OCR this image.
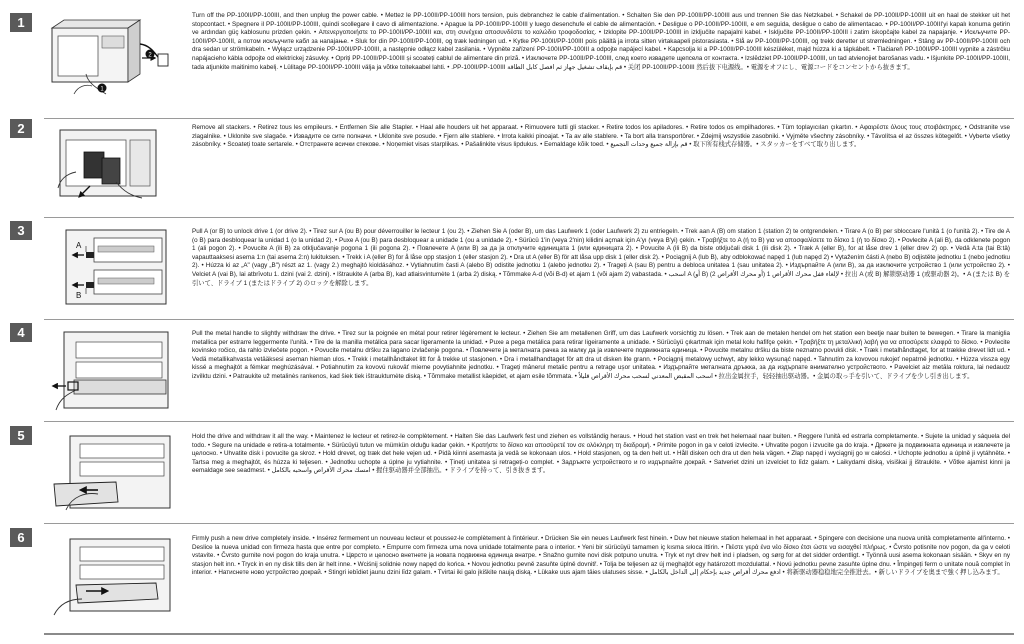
1
2
1
Turn off the PP-100II/PP-100III, and then unplug the power cable. • Mettez le PP-100II/PP-100III hors tension, puis debranchez le cable d'alimentation. • Schalten Sie den PP-100II/PP-100III aus und trennen Sie das Netzkabel. • Schakel de PP-100II/PP-100III uit en haal de stekker uit het stopcontact. • Spegnere il PP-100II/PP-100III, quindi scollegare il cavo di alimentazione. • Apague la PP-100II/PP-100III y luego desenchufe el cable de alimentación. • Desligue o PP-100II/PP-100III, e em seguida, desligue o cabo de alimentacao. • PP-100II/PP-100III'yi kapalı konuma getirin ve ardından güç kablosunu prizden çekin. • Απενεργοποιήστε το PP-100II/PP-100III και, στη συνέχεια αποσυνδέστε το καλώδιο τροφοδοσίας. • Izklopite PP-100II/PP-100III in izključite napajalni kabel. • Isključite PP-100II/PP-100III i zatim iskopčajte kabel za napajanje. • Искључите PP-100II/PP-100III, а потом искључите кабл за напајање. • Sluk for din PP-100II/PP-100III, og træk ledningen ud. • Kytke PP-100II/PP-100III pois päältä ja irrota sitten virtakaapeli pistorasiasta. • Slå av PP-100II/PP-100III, og trekk deretter ut strømledningen. • Stäng av PP-100II/PP-100III och dra sedan ur strömkabeln. • Wyłącz urządzenie PP-100II/PP-100III, a następnie odłącz kabel zasilania. • Vypněte zařízení PP-100II/PP-100III a odpojte napájecí kabel. • Kapcsolja ki a PP-100II/PP-100III készüléket, majd húzza ki a tápkábelt. • Tlačiareň PP-100II/PP-100III vypnite a zástrčku napájacieho kábla odpojte od elektrickej zásuvky. • Opriți PP-100II/PP-100III și scoateți cablul de alimentare din priză. • Изключете PP-100II/PP-100III, след което извадете щепсела от контакта. • Izslēdziet PP-100II/PP-100III, un tad atvienojiet barošanas vadu. • Išjunkite PP-100II/PP-100III, tada atjunkite maitinimo kabelį. • Lülitage PP-100II/PP-100III välja ja võtke toitekaabel lahti. • .PP-100II/PP-100III قم بإيقاف تشغيل جهاز ثم افصل كابل الطاقة • 关闭 PP-100II/PP-100III 然后拔下电源线。• 電源をオフにし、電源コードをコンセントから抜きます。
2	Remove all stackers. • Retirez tous les empileurs. • Entfernen Sie alle Stapler. • Haal alle houders uit het apparaat. • Rimuovere tutti gli stacker. • Retire todos los apiladores. • Retire todos os empilhadores. • Tüm toplayıcıları çıkartın. • Αφαιρέστε όλους τους στοιβάκτηρες. • Odstranite vse zlagalnike. • Uklonite sve slagače. • Извадите сe сите полначи. • Uklonite sve posude. • Fjern alle stablere. • Irrota kaikki pinoajat. • Ta av alle stablere. • Ta bort alla transportörer. • Zdejmij wszystkie zasobniki. • Vyjměte všechny zásobníky. • Távolítsa el az összes kötegelőt. • Vyberte všetky zásobníky. • Scoateți toate sertarele. • Отстранете всички стекове. • Noņemiet visas starplikas. • Pašalinkite visus lipdukus. • Eemaldage kõik toed. • قم بإزالة جميع وحدات التجميع • 取下所有栈式存储器。• スタッカーをすべて取り出します。
3
A
B
Pull A (or B) to unlock drive 1 (or drive 2). • Tirez sur A (ou B) pour déverrouiller le lecteur 1 (ou 2). • Ziehen Sie A (oder B), um das Laufwerk 1 (oder Laufwerk 2) zu entriegeln. • Trek aan A (B) om station 1 (station 2) te ontgrendelen. • Tirare A (o B) per sbloccare l'unità 1 (o l'unità 2). • Tire de A (o B) para desbloquear la unidad 1 (o la unidad 2). • Puxe A (ou B) para desbloquear a unidade 1 (ou a unidade 2). • Sürücü 1'in (veya 2'nin) kilidini açmak için A'yı (veya B'yi) çekin. • Τραβήξτε το A (ή το B) για να αποσφαλίσετε το δίσκο 1 (ή το δίσκο 2). • Povlecite A (ali B), da odklenete pogon 1 (ali pogon 2). • Povucite A (ili B) za otključavanje pogona 1 (ili pogona 2). • Повлечете A (или B) за да ја отклучите единицата 1 (или единицата 2). • Povucite A (ili B) da biste otključali disk 1 (ili disk 2). • Træk A (eller B), for at låse drev 1 (eller drev 2) op. • Vedä A:ta (tai B:tä) vapauttaaksesi asema 1:n (tai asema 2:n) lukituksen. • Trekk i A (eller B) for å låse opp stasjon 1 (eller stasjon 2). • Dra ut A (eller B) för att låsa upp disk 1 (eller disk 2). • Pociągnij A (lub B), aby odblokować napęd 1 (lub napęd 2) • Vytažením části A (nebo B) odjistěte jednotku 1 (nebo jednotku 2). • Húzza ki az „A" (vagy „B") részt az 1. (vagy 2.) meghajtó kioldásához. • Vytiahnutím časti A (alebo B) odistite jednotku 1 (alebo jednotku 2). • Trageți A (sau B) pentru a debloca unitatea 1 (sau unitatea 2). • Издърпайте A (или B), за да изключите устройство 1 (или устройство 2). • Velciet A (vai B), lai atbrīvotu 1. dzini (vai 2. dzini). • Ištraukite A (arba B), kad atlaisvintumėte 1 (arba 2) diską. • Tõmmake A-d (või B-d) et ajam 1 (või ajam 2) vabastada. • اسحب A (أو B) لإلغاء قفل محرك الأقراص 1 (أو محرك الأقراص 2) • 拉出 A (或 B) 解锁驱动器 1 (或驱动器 2)。• A (または B) を引いて、ドライブ 1 (またはドライブ 2) のロックを解除します。
4	Pull the metal handle to slightly withdraw the drive. • Tirez sur la poignée en métal pour retirer légèrement le lecteur. • Ziehen Sie am metallenen Griff, um das Laufwerk vorsichtig zu lösen. • Trek aan de metalen hendel om het station een beetje naar buiten te bewegen. • Tirare la maniglia metallica per estrarre leggermente l'unità. • Tire de la manilla metálica para sacar ligeramente la unidad. • Puxe a pega metálica para retirar ligeiramente a unidade. • Sürücüyü çıkartmak için metal kolu hafifçe çekin. • Τραβήξτε τη μεταλλική λαβή για να αποσύρετε ελαφρά το δίσκο. • Povlecite kovinsko ročico, da rahlo izvlečete pogon. • Povucite metalnu dršku za lagano izvlačenje pogona. • Повлечете ја металната рачка за малку да ја извлечете подвижната единица. • Povucite metalnu dršku da biste neznatno povukli disk. • Træk i metalhåndtaget, for at trække drevet lidt ud. • Vedä metallikahvasta vetääksesi aseman hieman ulos. • Trekk i metallhåndtaket litt for å trekke ut stasjonen. • Dra i metallhandtaget för att dra ut disken lite grann. • Pociągnij metalowy uchwyt, aby lekko wysunąć napęd. • Tahnutím za kovovou rukojeť nepatrně jednotku. • Húzza vissza egy kissé a meghajtót a fémkar meghúzásával. • Potiahnutím za kovovú rukoväť mierne povytiahnite jednotku. • Trageți mânerul metalic pentru a retrage ușor unitatea. • Издърпайте металната дръжка, за да издърпате внимателно устройството. • Pavelciet aiz metāla roktura, lai nedaudz izvilktu dzini. • Patraukite už metalinės rankenos, kad šiek tiek ištrauktumėte diską. • Tõmmake metallist käepidet, et ajam esile tõmmata. • اسحب المقبض المعدني لسحب محرك الأقراص قليلاً • 拉出金属拉手，轻轻抽出驱动器。• 金属の取っ手を引いて、ドライブを少し引き出します。
5	Hold the drive and withdraw it all the way. • Maintenez le lecteur et retirez-le complètement. • Halten Sie das Laufwerk fest und ziehen es vollständig heraus. • Houd het station vast en trek het helemaal naar buiten. • Reggere l'unità ed estrarla completamente. • Sujete la unidad y sáquela del todo. • Segure na unidade e retira-a totalmente. • Sürücüyü tutun ve mümkün olduğu kadar çekin. • Κρατήστε το δίσκο και αποσύρετέ τον σε ολόκληρη τη διαδρομή. • Primite pogon in ga v celoti izvlecite. • Uhvatite pogon i izvucite ga do kraja. • Држете ја подвижната единица и извлечете ја целосно. • Uhvatite disk i povucite ga skroz. • Hold drevet, og træk det hele vejen ud. • Pidä kiinni asemasta ja vedä se kokonaan ulos. • Hold stasjonen, og ta den helt ut. • Håll disken och dra ut den hela vägen. • Złap napęd i wyciągnij go w całości. • Uchopte jednotku a úplně ji vytáhněte. • Tartsa meg a meghajtót, és húzza ki teljesen. • Jednotku uchopte a úplne ju vytiahnite. • Țineți unitatea și retrageți-o complet. • Задръжте устройството и го издърпайте докрай. • Satveriet dzini un izvelciet to līdz galam. • Laikydami diską, visiškai jį ištraukite. • Võtke ajamist kinni ja eemaldage see seadmest. • امسك محرك الأقراص واسحبه بالكامل • 握住驱动器并全部抽出。• ドライブを持って、引き抜きます。
6	Firmly push a new drive completely inside. • Insérez fermement un nouveau lecteur et poussez-le complètement à l'intérieur. • Drücken Sie ein neues Laufwerk fest hinein. • Duw het nieuwe station helemaal in het apparaat. • Spingere con decisione una nuova unità completamente all'interno. • Deslice la nueva unidad con firmeza hasta que entre por completo. • Empurre com firmeza uma nova unidade totalmente para o interior. • Yeni bir sürücüyü tamamen iç kısma sıkıca ittirin. • Πιέστε γερά ένα νέο δίσκο έτσι ώστε να εισαχθεί πλήρως. • Čvrsto potisnite nov pogon, da ga v celoti vstavite. • Čvrsto gurnite novi pogon do kraja unutra. • Цврсто и целосно внетнете ја новата подвижна единица внатре. • Snažno gurnite novi disk potpuno unutra. • Tryk et nyt drev helt ind i pladsen, og sørg for at det sidder ordentligt. • Työnnä uusi asema kokonaan sisään. • Skyv en ny stasjon helt inn. • Tryck in en ny disk tills den är helt inne. • Wciśnij solidnie nowy napęd do końca. • Novou jednotku pevně zasuňte úplně dovnitř. • Tolja be teljesen az új meghajtót egy határozott mozdulattal. • Novú jednotku pevne zasuňte úplne dnu. • Împingeți ferm o unitate nouă complet în interior. • Натиснете ново устройство докрай. • Stingri iebīdiet jaunu dzini līdz galam. • Tvirtai iki galo įkiškite naują diską. • Lükake uus ajam täies ulatuses sisse. • ادفع محرك أقراص جديد بإحكام إلى الداخل بالكامل • 将新驱动器稳稳地完全推进去。• 新しいドライブを奥まで強く押し込みます。
